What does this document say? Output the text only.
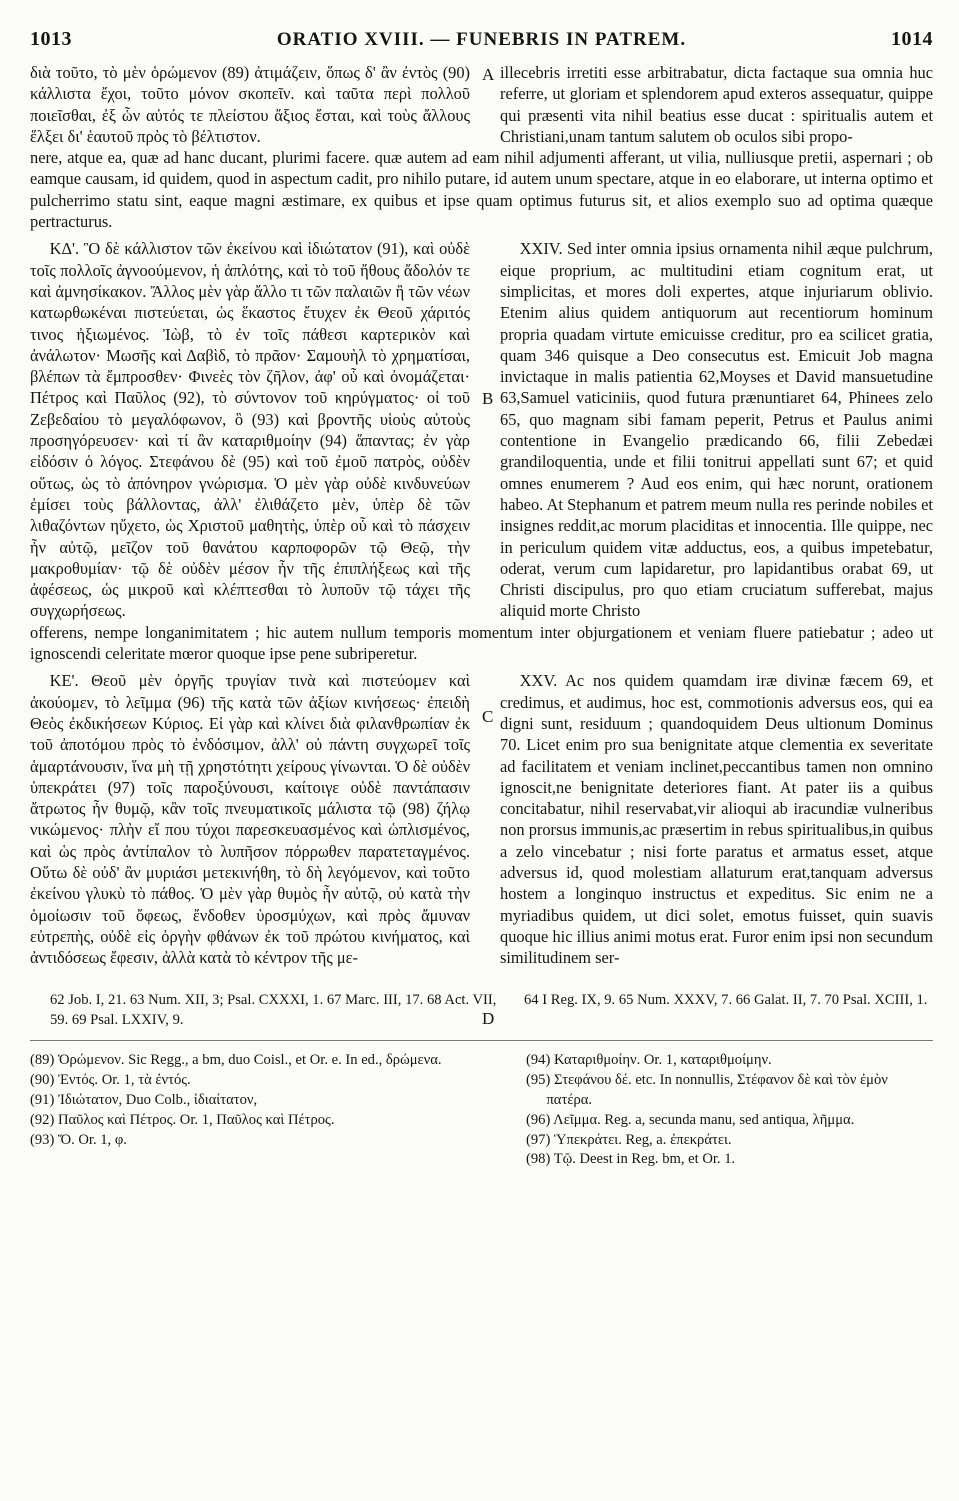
1013	ORATIO XVIII. — FUNEBRIS IN PATREM.	1014
A

διὰ τοῦτο, τὸ μὲν ὁρώμενον (89) ἀτιμάζειν, ὅπως δ' ἂν ἐντὸς (90) κάλλιστα ἔχοι, τοῦτο μόνον σκοπεῖν. καὶ ταῦτα περὶ πολλοῦ ποιεῖσθαι, ἐξ ὧν αὐτός τε πλείστου ἄξιος ἔσται, καὶ τοὺς ἄλλους ἕλξει δι' ἑαυτοῦ πρὸς τὸ βέλτιστον.

illecebris irretiti esse arbitrabatur, dicta factaque sua omnia huc referre, ut gloriam et splendorem apud exteros assequatur, quippe qui præsenti vita nihil beatius esse ducat : spiritualis autem et Christiani,unam tantum salutem ob oculos sibi propo-

nere, atque ea, quæ ad hanc ducant, plurimi facere. quæ autem ad eam nihil adjumenti afferant, ut vilia, nulliusque pretii, aspernari ; ob eamque causam, id quidem, quod in aspectum cadit, pro nihilo putare, id autem unum spectare, atque in eo elaborare, ut interna optimo et pulcherrimo statu sint, eaque magni æstimare, ex quibus et ipse quam optimus futurus sit, et alios exemplo suo ad optima quæque pertracturus.

B
C

ΚΔ'. Ὃ δὲ κάλλιστον τῶν ἐκείνου καὶ ἰδιώτατον (91), καὶ οὐδὲ τοῖς πολλοῖς ἀγνοούμενον, ἡ ἁπλότης, καὶ τὸ τοῦ ἤθους ἄδολόν τε καὶ ἀμνησίκακον. Ἄλλος μὲν γὰρ ἄλλο τι τῶν παλαιῶν ἢ τῶν νέων κατωρθωκέναι πιστεύεται, ὡς ἕκαστος ἔτυχεν ἐκ Θεοῦ χάριτός τινος ἠξιωμένος. Ἰὼβ, τὸ ἐν τοῖς πάθεσι καρτερικὸν καὶ ἀνάλωτον· Μωσῆς καὶ Δαβὶδ, τὸ πρᾶον· Σαμουὴλ τὸ χρηματίσαι, βλέπων τὰ ἔμπροσθεν· Φινεὲς τὸν ζῆλον, ἀφ' οὗ καὶ ὀνομάζεται· Πέτρος καὶ Παῦλος (92), τὸ σύντονον τοῦ κηρύγματος· οἱ τοῦ Ζεβεδαίου τὸ μεγαλόφωνον, ὃ (93) καὶ βροντῆς υἱοὺς αὐτοὺς προσηγόρευσεν· καὶ τί ἂν καταριθμοίην (94) ἅπαντας; ἐν γὰρ εἰδόσιν ὁ λόγος. Στεφάνου δὲ (95) καὶ τοῦ ἐμοῦ πατρὸς, οὐδὲν οὕτως, ὡς τὸ ἀπόνηρον γνώρισμα. Ὁ μὲν γὰρ οὐδὲ κινδυνεύων ἐμίσει τοὺς βάλλοντας, ἀλλ' ἐλιθάζετο μὲν, ὑπὲρ δὲ τῶν λιθαζόντων ηὔχετο, ὡς Χριστοῦ μαθητὴς, ὑπὲρ οὗ καὶ τὸ πάσχειν ἦν αὐτῷ, μεῖζον τοῦ θανάτου καρποφορῶν τῷ Θεῷ, τὴν μακροθυμίαν· τῷ δὲ οὐδὲν μέσον ἦν τῆς ἐπιπλήξεως καὶ τῆς ἀφέσεως, ὡς μικροῦ καὶ κλέπτεσθαι τὸ λυποῦν τῷ τάχει τῆς συγχωρήσεως.

XXIV. Sed inter omnia ipsius ornamenta nihil æque pulchrum, eique proprium, ac multitudini etiam cognitum erat, ut simplicitas, et mores doli expertes, atque injuriarum oblivio. Etenim alius quidem antiquorum aut recentiorum hominum propria quadam virtute emicuisse creditur, pro ea scilicet gratia, quam 346 quisque a Deo consecutus est. Emicuit Job magna invictaque in malis patientia 62,Moyses et David mansuetudine 63,Samuel vaticiniis, quod futura prænuntiaret 64, Phinees zelo 65, quo magnam sibi famam peperit, Petrus et Paulus animi contentione in Evangelio prædicando 66, filii Zebedæi grandiloquentia, unde et filii tonitrui appellati sunt 67; et quid omnes enumerem ? Aud eos enim, qui hæc norunt, orationem habeo. At Stephanum et patrem meum nulla res perinde nobiles et insignes reddit,ac morum placiditas et innocentia. Ille quippe, nec in periculum quidem vitæ adductus, eos, a quibus impetebatur, oderat, verum cum lapidaretur, pro lapidantibus orabat 69, ut Christi discipulus, pro quo etiam cruciatum sufferebat, majus aliquid morte Christo

offerens, nempe longanimitatem ; hic autem nullum temporis momentum inter objurgationem et veniam fluere patiebatur ; adeo ut ignoscendi celeritate mœror quoque ipse pene subriperetur.

D

ΚΕ'. Θεοῦ μὲν ὀργῆς τρυγίαν τινὰ καὶ πιστεύομεν καὶ ἀκούομεν, τὸ λεῖμμα (96) τῆς κατὰ τῶν ἀξίων κινήσεως· ἐπειδὴ Θεὸς ἐκδικήσεων Κύριος. Εἰ γὰρ καὶ κλίνει διὰ φιλανθρωπίαν ἐκ τοῦ ἀποτόμου πρὸς τὸ ἐνδόσιμον, ἀλλ' οὐ πάντη συγχωρεῖ τοῖς ἁμαρτάνουσιν, ἵνα μὴ τῇ χρηστότητι χείρους γίνωνται. Ὁ δὲ οὐδὲν ὑπεκράτει (97) τοῖς παροξύνουσι, καίτοιγε οὐδὲ παντάπασιν ἄτρωτος ἦν θυμῷ, κἂν τοῖς πνευματικοῖς μάλιστα τῷ (98) ζήλῳ νικώμενος· πλὴν εἴ που τύχοι παρεσκευασμένος καὶ ὡπλισμένος, καὶ ὡς πρὸς ἀντίπαλον τὸ λυπῆσον πόρρωθεν παρατεταγμένος. Οὕτω δὲ οὐδ' ἂν μυριάσι μετεκινήθη, τὸ δὴ λεγόμενον, καὶ τοῦτο ἐκείνου γλυκὺ τὸ πάθος. Ὁ μὲν γὰρ θυμὸς ἦν αὐτῷ, οὐ κατὰ τὴν ὁμοίωσιν τοῦ ὄφεως, ἔνδοθεν ὑροσμύχων, καὶ πρὸς ἄμυναν εὐτρεπὴς, οὐδὲ εἰς ὀργὴν φθάνων ἐκ τοῦ πρώτου κινήματος, καὶ ἀντιδόσεως ἔφεσιν, ἀλλὰ κατὰ τὸ κέντρον τῆς με-

XXV. Ac nos quidem quamdam iræ divinæ fæcem 69, et credimus, et audimus, hoc est, commotionis adversus eos, qui ea digni sunt, residuum ; quandoquidem Deus ultionum Dominus 70. Licet enim pro sua benignitate atque clementia ex severitate ad facilitatem et veniam inclinet,peccantibus tamen non omnino ignoscit,ne benignitate deteriores fiant. At pater iis a quibus concitabatur, nihil reservabat,vir alioqui ab iracundiæ vulneribus non prorsus immunis,ac præsertim in rebus spiritualibus,in quibus a zelo vincebatur ; nisi forte paratus et armatus esset, atque adversus id, quod molestiam allaturum erat,tanquam adversus hostem a longinquo instructus et expeditus. Sic enim ne a myriadibus quidem, ut dici solet, emotus fuisset, quin suavis quoque hic illius animi motus erat. Furor enim ipsi non secundum similitudinem ser-

62 Job. I, 21. 63 Num. XII, 3; Psal. CXXXI, 1. 67 Marc. III, 17. 68 Act. VII, 59. 69 Psal. LXXIV, 9.
64 I Reg. IX, 9. 65 Num. XXXV, 7. 66 Galat. II, 7. 70 Psal. XCIII, 1.

(89) Ὁρώμενον. Sic Regg., a bm, duo Coisl., et Or. e. In ed., δρώμενα.

(90) Ἐντός. Or. 1, τὰ ἐντός.

(91) Ἰδιώτατον, Duo Colb., ἰδιαίτατον,

(92) Παῦλος καὶ Πέτρος. Or. 1, Παῦλος καὶ Πέτρος.

(93) Ὅ. Or. 1, φ.

(94) Καταριθμοίην. Or. 1, καταριθμοίμην.

(95) Στεφάνου δέ. etc. In nonnullis, Στέφανον δὲ καὶ τὸν ἐμὸν πατέρα.

(96) Λεῖμμα. Reg. a, secunda manu, sed antiqua, λῆμμα.

(97) Ὑπεκράτει. Reg, a. ἐπεκράτει.

(98) Τῷ. Deest in Reg. bm, et Or. 1.
